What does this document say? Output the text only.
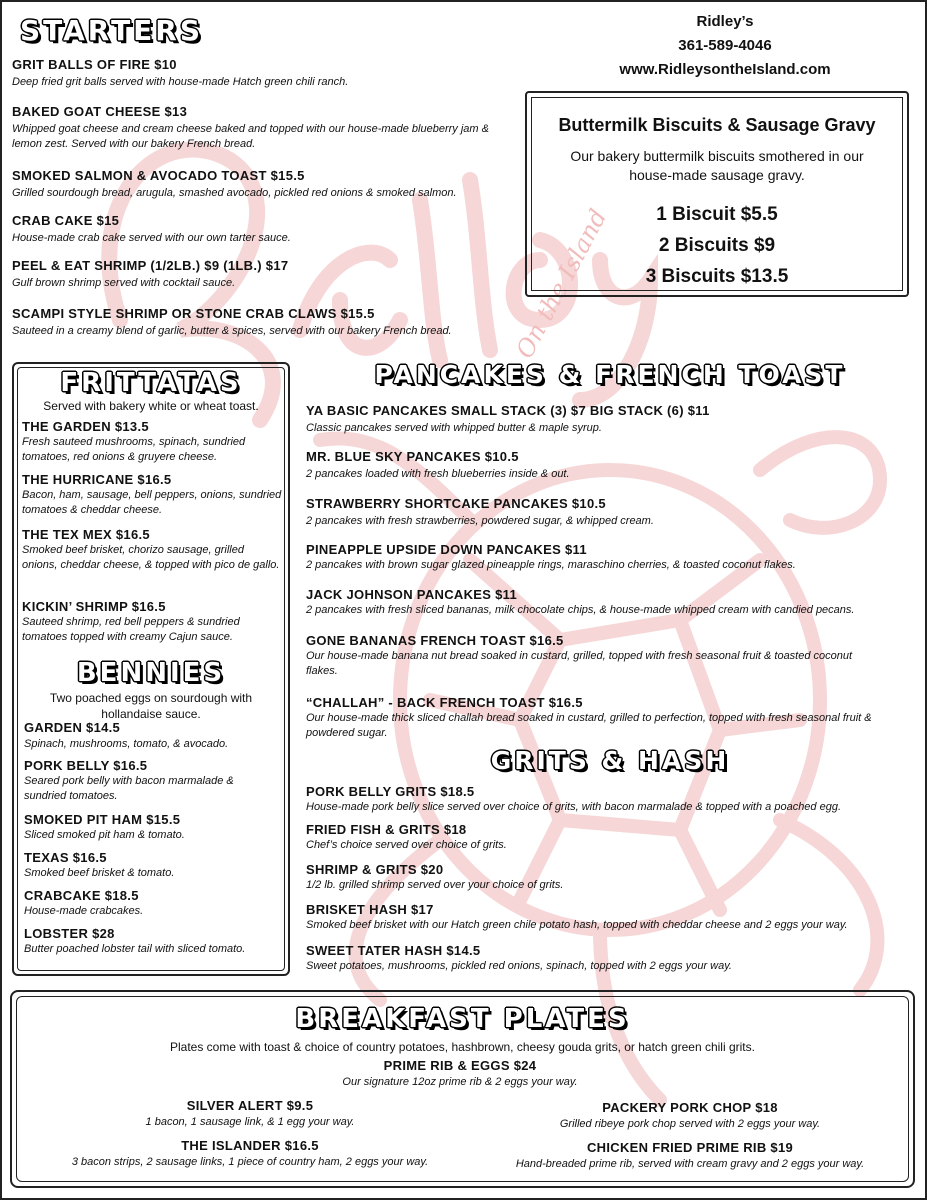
On the Island
STARTERS
GRIT BALLS OF FIRE $10
Deep fried grit balls served with house-made Hatch green chili ranch.
BAKED GOAT CHEESE $13
Whipped goat cheese and cream cheese baked and topped with our house-made blueberry jam & lemon zest. Served with our bakery French bread.
SMOKED SALMON & AVOCADO TOAST $15.5
Grilled sourdough bread, arugula, smashed avocado, pickled red onions & smoked salmon.
CRAB CAKE $15
House-made crab cake served with our own tarter sauce.
PEEL & EAT SHRIMP (1/2LB.) $9 (1LB.) $17
Gulf brown shrimp served with cocktail sauce.
SCAMPI STYLE SHRIMP OR STONE CRAB CLAWS $15.5
Sauteed in a creamy blend of garlic, butter & spices, served with our bakery French bread.
Ridley’s
361-589-4046
www.RidleysontheIsland.com
Buttermilk Biscuits & Sausage Gravy
Our bakery buttermilk biscuits smothered in our house-made sausage gravy.
1 Biscuit $5.5
2 Biscuits $9
3 Biscuits $13.5
FRITTATAS
Served with bakery white or wheat toast.
THE GARDEN $13.5
Fresh sauteed mushrooms, spinach, sundried tomatoes, red onions & gruyere cheese.
THE HURRICANE $16.5
Bacon, ham, sausage, bell peppers, onions, sundried tomatoes & cheddar cheese.
THE TEX MEX $16.5
Smoked beef brisket, chorizo sausage, grilled onions, cheddar cheese, & topped with pico de gallo.
KICKIN’ SHRIMP $16.5
Sauteed shrimp, red bell peppers & sundried tomatoes topped with creamy Cajun sauce.
BENNIES
Two poached eggs on sourdough with hollandaise sauce.
GARDEN $14.5
Spinach, mushrooms, tomato, & avocado.
PORK BELLY $16.5
Seared pork belly with bacon marmalade & sundried tomatoes.
SMOKED PIT HAM $15.5
Sliced smoked pit ham & tomato.
TEXAS $16.5
Smoked beef brisket & tomato.
CRABCAKE $18.5
House-made crabcakes.
LOBSTER $28
Butter poached lobster tail with sliced tomato.
PANCAKES & FRENCH TOAST
YA BASIC PANCAKES SMALL STACK (3) $7 BIG STACK (6) $11
Classic pancakes served with whipped butter & maple syrup.
MR. BLUE SKY PANCAKES $10.5
2 pancakes loaded with fresh blueberries inside & out.
STRAWBERRY SHORTCAKE PANCAKES $10.5
2 pancakes with fresh strawberries, powdered sugar, & whipped cream.
PINEAPPLE UPSIDE DOWN PANCAKES $11
2 pancakes with brown sugar glazed pineapple rings, maraschino cherries, & toasted coconut flakes.
JACK JOHNSON PANCAKES $11
2 pancakes with fresh sliced bananas, milk chocolate chips, & house-made whipped cream with candied pecans.
GONE BANANAS FRENCH TOAST $16.5
Our house-made banana nut bread soaked in custard, grilled, topped with fresh seasonal fruit & toasted coconut flakes.
“CHALLAH” - BACK FRENCH TOAST $16.5
Our house-made thick sliced challah bread soaked in custard, grilled to perfection, topped with fresh seasonal fruit & powdered sugar.
GRITS & HASH
PORK BELLY GRITS $18.5
House-made pork belly slice served over choice of grits, with bacon marmalade & topped with a poached egg.
FRIED FISH & GRITS $18
Chef’s choice served over choice of grits.
SHRIMP & GRITS $20
1/2 lb. grilled shrimp served over your choice of grits.
BRISKET HASH $17
Smoked beef brisket with our Hatch green chile potato hash, topped with cheddar cheese and 2 eggs your way.
SWEET TATER HASH $14.5
Sweet potatoes, mushrooms, pickled red onions, spinach, topped with 2 eggs your way.
BREAKFAST PLATES
Plates come with toast & choice of country potatoes, hashbrown, cheesy gouda grits, or hatch green chili grits.
PRIME RIB & EGGS $24
Our signature 12oz prime rib & 2 eggs your way.
SILVER ALERT $9.5
1 bacon, 1 sausage link, & 1 egg your way.
PACKERY PORK CHOP $18
Grilled ribeye pork chop served with 2 eggs your way.
THE ISLANDER $16.5
3 bacon strips, 2 sausage links, 1 piece of country ham, 2 eggs your way.
CHICKEN FRIED PRIME RIB $19
Hand-breaded prime rib, served with cream gravy and 2 eggs your way.
